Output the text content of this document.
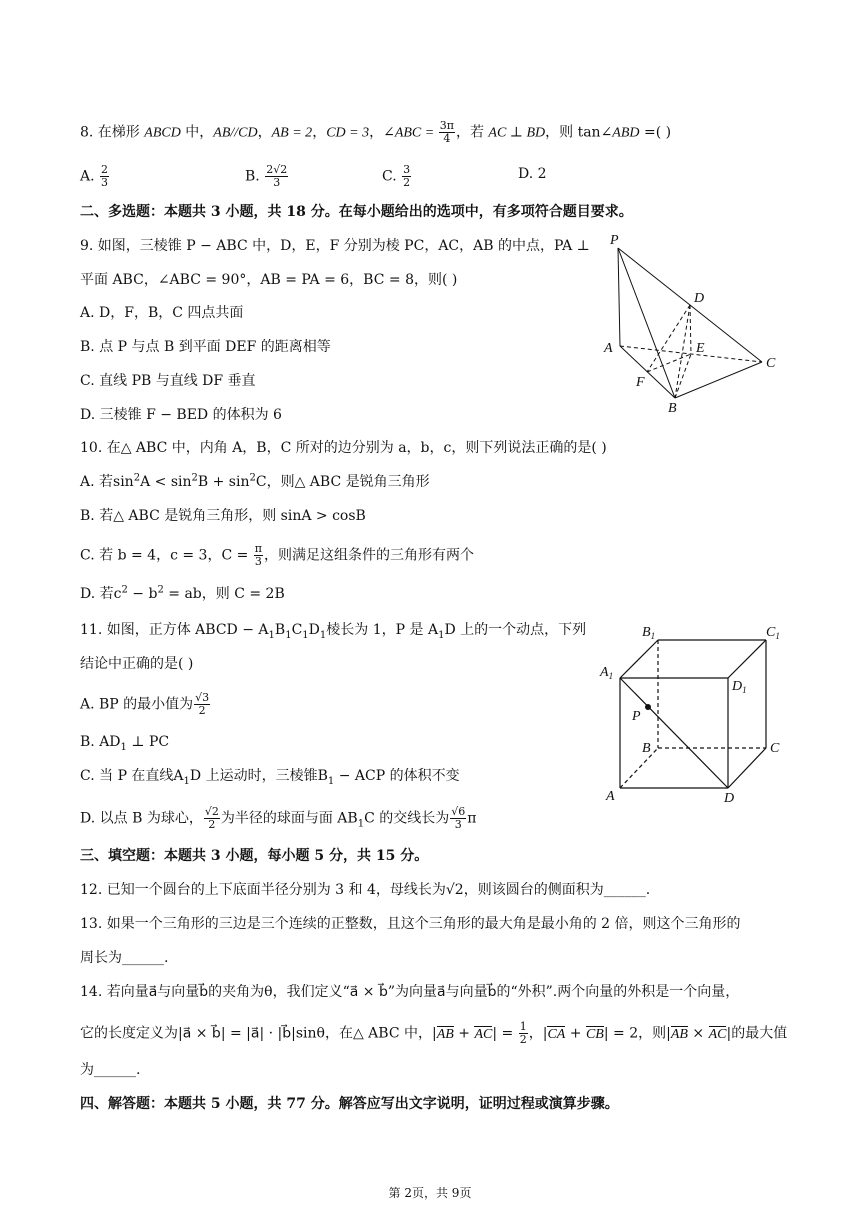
8. 在梯形 ABCD 中，AB//CD，AB = 2，CD = 3，∠ABC = $\frac{3\pi}{4}$ ，若 AC ⊥ BD，则 tan∠ABD =( )
A. $\frac{2}{3}$	B. $\frac{2√2}{3}$	C. $\frac{3}{2}$	D. 2
二、多选题：本题共 3 小题，共 18 分。在每小题给出的选项中，有多项符合题目要求。
9. 如图，三棱锥 P − ABC 中，D，E，F 分别为棱 PC，AC，AB 的中点，PA ⊥
平面 ABC，∠ABC = 90°，AB = PA = 6，BC = 8，则( )
A. D，F，B，C 四点共面
B. 点 P 与点 B 到平面 DEF 的距离相等
C. 直线 PB 与直线 DF 垂直
D. 三棱锥 F − BED 的体积为 6
P
D
A	E
C
F
B
10. 在△ ABC 中，内角 A，B，C 所对的边分别为 a，b，c，则下列说法正确的是( )
A. 若$\sin^2A < \sin^2B + \sin^2C$，则△ ABC 是锐角三角形
B. 若△ ABC 是锐角三角形，则 sinA > cosB
C. 若 b = 4，c = 3，$C = \frac{\pi}{3}$ ，则满足这组条件的三角形有两个
D. 若$c^2 - b^2$ = ab，则 C = 2B
11. 如图，正方体 ABCD − $A_1B_1C_1D_1$棱长为 1，P 是 $A_1D$ 上的一个动点，下列
结论中正确的是( )
A. BP 的最小值为 $\frac{√3}{2}$
B. $AD_1$ ⊥ PC
C. 当 P 在直线$A_1D$ 上运动时，三棱锥$B_1$ − ACP 的体积不变
D. 以点 B 为球心， $\frac{√2}{2}$ 为半径的球面与面 $AB_1C$ 的交线长为 $\frac{√6}{3}$ π
$B_1$	$C_1$
$A_1$
$D_1$
P
B	C
A	D
三、填空题：本题共 3 小题，每小题 5 分，共 15 分。
12. 已知一个圆台的上下底面半径分别为 3 和 4，母线长为√2，则该圆台的侧面积为______.
13. 如果一个三角形的三边是三个连续的正整数，且这个三角形的最大角是最小角的 2 倍，则这个三角形的
周长为______.
14. 若向量a⃗与向量b⃗的夹角为θ，我们定义“a⃗ × b⃗”为向量a⃗与向量b⃗的“外积”.两个向量的外积是一个向量，
它的长度定义为|a⃗ × b⃗| = |a⃗| · |b⃗|sinθ，在△ ABC 中，$|AB + AC| = \frac{1}{2}$ ，|CA + CB| = 2，则|AB × AC|的最大值
为______.
四、解答题：本题共 5 小题，共 77 分。解答应写出文字说明，证明过程或演算步骤。
第 2页，共 9页
